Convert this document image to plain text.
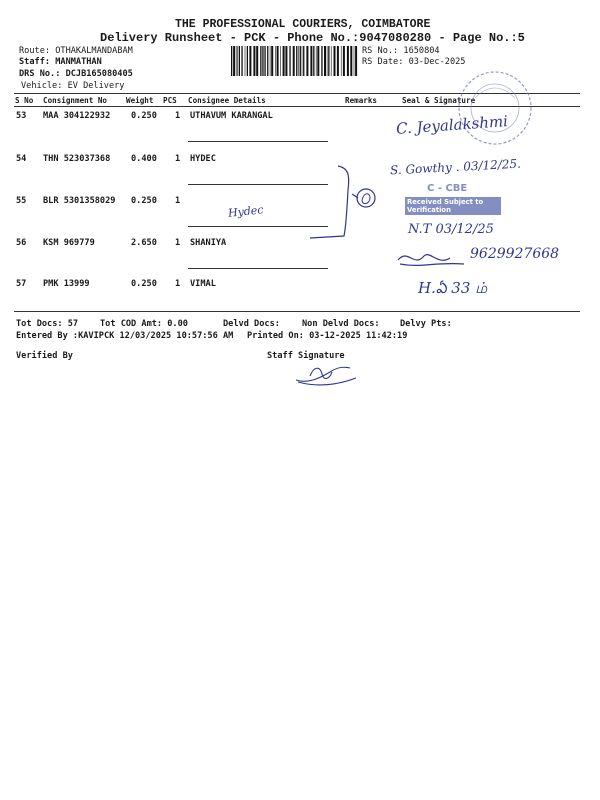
THE PROFESSIONAL COURIERS, COIMBATORE
Delivery Runsheet - PCK - Phone No.:9047080280 - Page No.:5
Route: OTHAKALMANDABAM
Staff: MANMATHAN
DRS No.: DCJB165080405
Vehicle: EV Delivery
RS No.: 1650804
RS Date: 03-Dec-2025
S No Consignment No Weight PCS Consignee Details	Remarks	Seal & Signature
53 MAA 304122932 0.250 1 UTHAVUM KARANGAL
54 THN 523037368 0.400 1 HYDEC
55 BLR 5301358029 0.250 1
56 KSM 969779	2.650 1 SHANIYA
57 PMK 13999	0.250 1 VIMAL
Tot Docs: 57	Tot COD Amt: 0.00	Delvd Docs:	Non Delvd Docs: Delvy Pts:
Entered By :KAVIPCK 12/03/2025 10:57:56 AM Printed On: 03-12-2025 11:42:19
Verified By	Staff Signature
C - CBE
Received Subject to Verification
C. Jeyalakshmi
S. Gowthy . 03/12/25.
Hydec
N.T 03/12/25
9629927668
H.ఏ 33 ம்
